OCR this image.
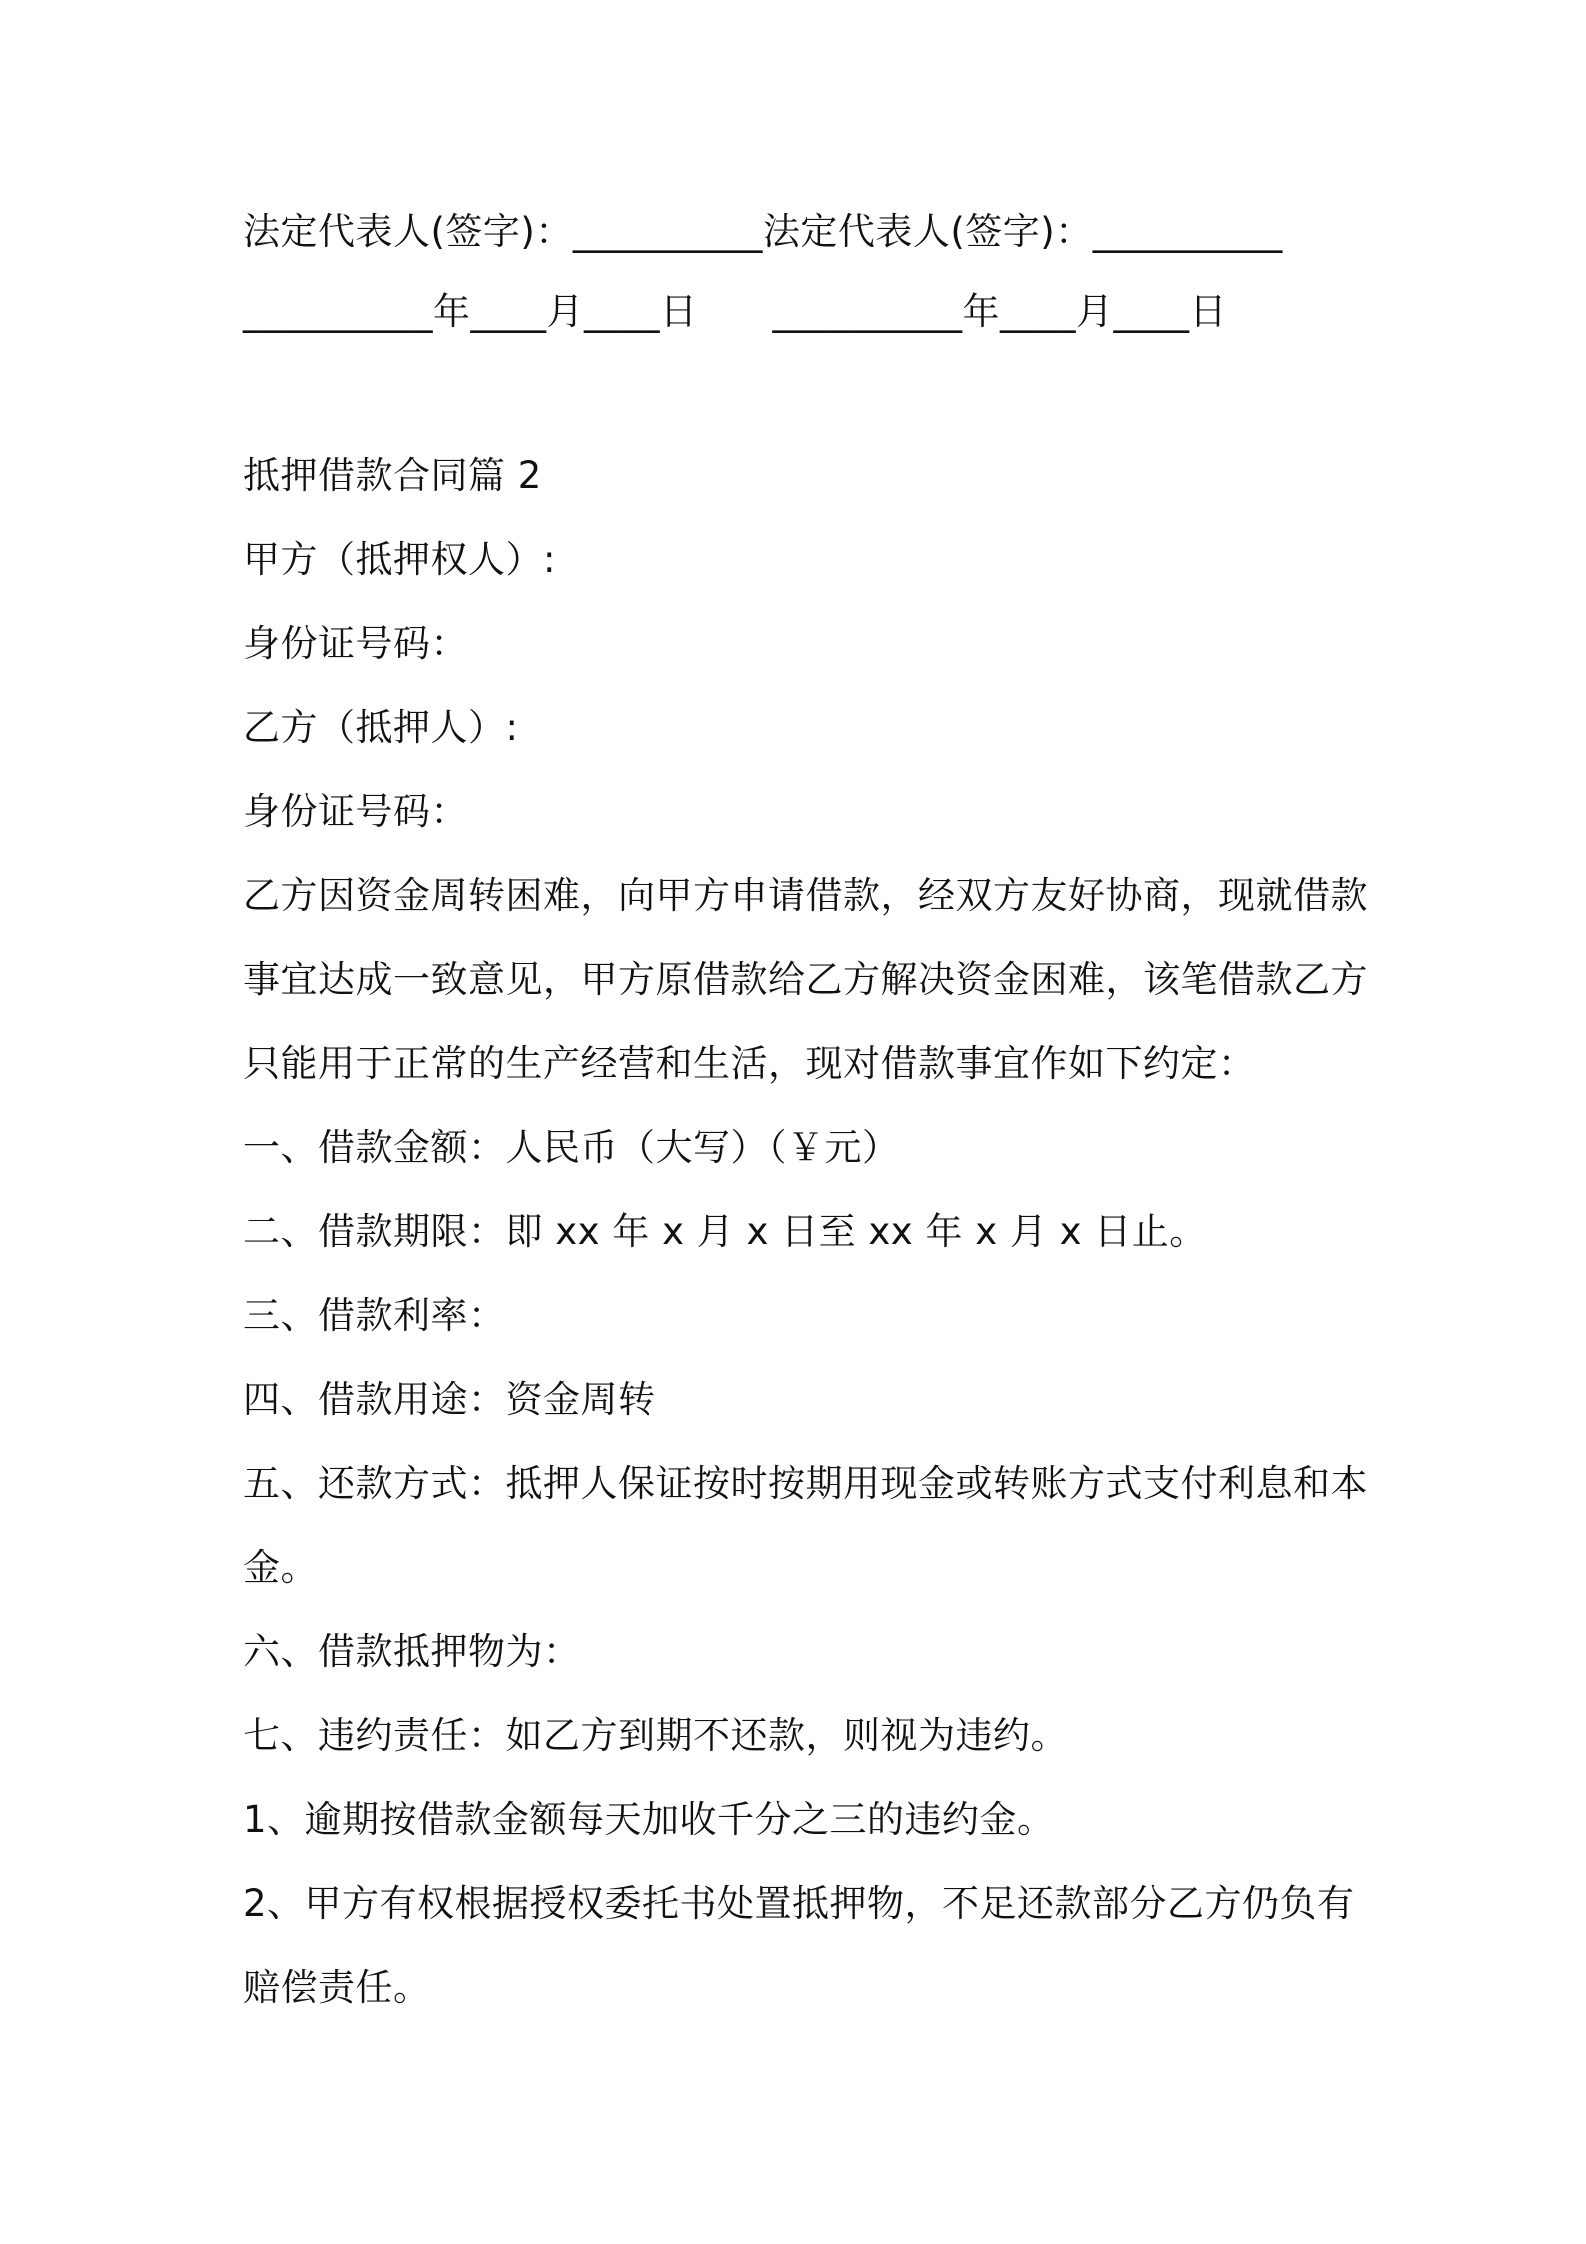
法定代表人(签字)：__________法定代表人(签字)：__________
__________年____月____日　　__________年____月____日
抵押借款合同篇 2
甲方（抵押权人）:
身份证号码：
乙方（抵押人）:
身份证号码：
乙方因资金周转困难，向甲方申请借款，经双方友好协商，现就借款
事宜达成一致意见，甲方原借款给乙方解决资金困难，该笔借款乙方
只能用于正常的生产经营和生活，现对借款事宜作如下约定：
一、借款金额：人民币（大写）（￥元）
二、借款期限：即 xx 年 x 月 x 日至 xx 年 x 月 x 日止。
三、借款利率：
四、借款用途：资金周转
五、还款方式：抵押人保证按时按期用现金或转账方式支付利息和本
金。
六、借款抵押物为：
七、违约责任：如乙方到期不还款，则视为违约。
1、逾期按借款金额每天加收千分之三的违约金。
2、甲方有权根据授权委托书处置抵押物，不足还款部分乙方仍负有
赔偿责任。
